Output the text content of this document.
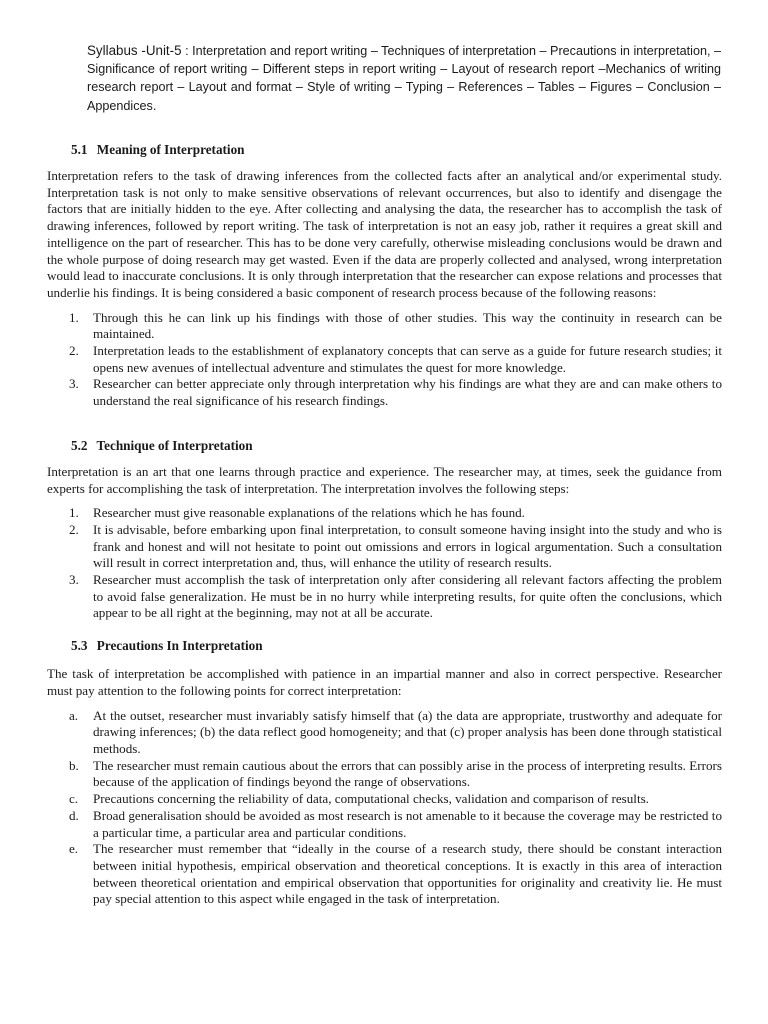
Syllabus -Unit-5 : Interpretation and report writing – Techniques of interpretation – Precautions in interpretation, – Significance of report writing – Different steps in report writing – Layout of research report –Mechanics of writing research report – Layout and format – Style of writing – Typing – References – Tables – Figures – Conclusion – Appendices.

5.1 Meaning of Interpretation

Interpretation refers to the task of drawing inferences from the collected facts after an analytical and/or experimental study. Interpretation task is not only to make sensitive observations of relevant occurrences, but also to identify and disengage the factors that are initially hidden to the eye. After collecting and analysing the data, the researcher has to accomplish the task of drawing inferences, followed by report writing. The task of interpretation is not an easy job, rather it requires a great skill and intelligence on the part of researcher. This has to be done very carefully, otherwise misleading conclusions would be drawn and the whole purpose of doing research may get wasted. Even if the data are properly collected and analysed, wrong interpretation would lead to inaccurate conclusions. It is only through interpretation that the researcher can expose relations and processes that underlie his findings. It is being considered a basic component of research process because of the following reasons:

1. Through this he can link up his findings with those of other studies. This way the continuity in research can be maintained.
2. Interpretation leads to the establishment of explanatory concepts that can serve as a guide for future research studies; it opens new avenues of intellectual adventure and stimulates the quest for more knowledge.
3. Researcher can better appreciate only through interpretation why his findings are what they are and can make others to understand the real significance of his research findings.
5.2 Technique of Interpretation

Interpretation is an art that one learns through practice and experience. The researcher may, at times, seek the guidance from experts for accomplishing the task of interpretation. The interpretation involves the following steps:

1. Researcher must give reasonable explanations of the relations which he has found.
2. It is advisable, before embarking upon final interpretation, to consult someone having insight into the study and who is frank and honest and will not hesitate to point out omissions and errors in logical argumentation. Such a consultation will result in correct interpretation and, thus, will enhance the utility of research results.
3. Researcher must accomplish the task of interpretation only after considering all relevant factors affecting the problem to avoid false generalization. He must be in no hurry while interpreting results, for quite often the conclusions, which appear to be all right at the beginning, may not at all be accurate.
5.3 Precautions In Interpretation

The task of interpretation be accomplished with patience in an impartial manner and also in correct perspective. Researcher must pay attention to the following points for correct interpretation:

a. At the outset, researcher must invariably satisfy himself that (a) the data are appropriate, trustworthy and adequate for drawing inferences; (b) the data reflect good homogeneity; and that (c) proper analysis has been done through statistical methods.
b. The researcher must remain cautious about the errors that can possibly arise in the process of interpreting results. Errors because of the application of findings beyond the range of observations.
c. Precautions concerning the reliability of data, computational checks, validation and comparison of results.
d. Broad generalisation should be avoided as most research is not amenable to it because the coverage may be restricted to a particular time, a particular area and particular conditions.
e. The researcher must remember that “ideally in the course of a research study, there should be constant interaction between initial hypothesis, empirical observation and theoretical conceptions. It is exactly in this area of interaction between theoretical orientation and empirical observation that opportunities for originality and creativity lie. He must pay special attention to this aspect while engaged in the task of interpretation.
